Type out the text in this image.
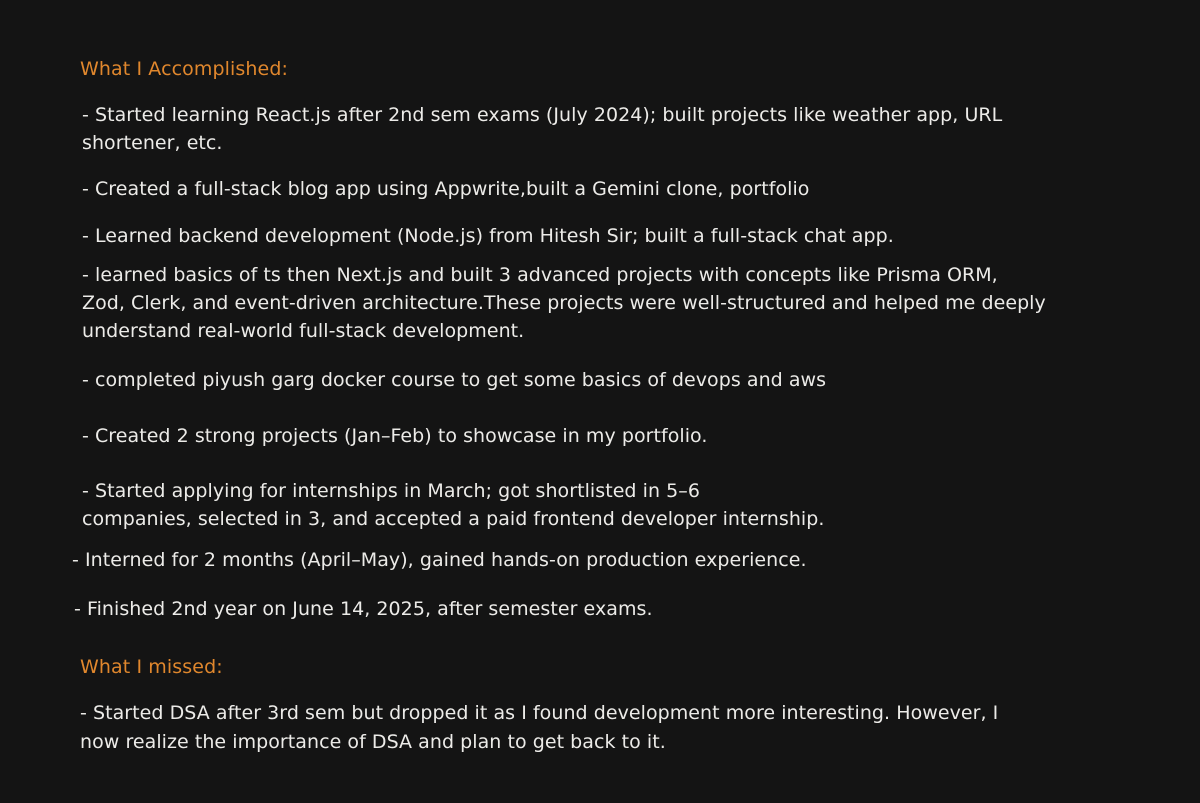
What I Accomplished:

- Started learning React.js after 2nd sem exams (July 2024); built projects like weather app, URL

shortener, etc.

- Created a full-stack blog app using Appwrite,built a Gemini clone, portfolio

- Learned backend development (Node.js) from Hitesh Sir; built a full-stack chat app.

- learned basics of ts then Next.js and built 3 advanced projects with concepts like Prisma ORM,

Zod, Clerk, and event-driven architecture.These projects were well-structured and helped me deeply

understand real-world full-stack development.

- completed piyush garg docker course to get some basics of devops and aws

- Created 2 strong projects (Jan–Feb) to showcase in my portfolio.

- Started applying for internships in March; got shortlisted in 5–6

companies, selected in 3, and accepted a paid frontend developer internship.

- Interned for 2 months (April–May), gained hands-on production experience.

- Finished 2nd year on June 14, 2025, after semester exams.

What I missed:

- Started DSA after 3rd sem but dropped it as I found development more interesting. However, I

now realize the importance of DSA and plan to get back to it.
